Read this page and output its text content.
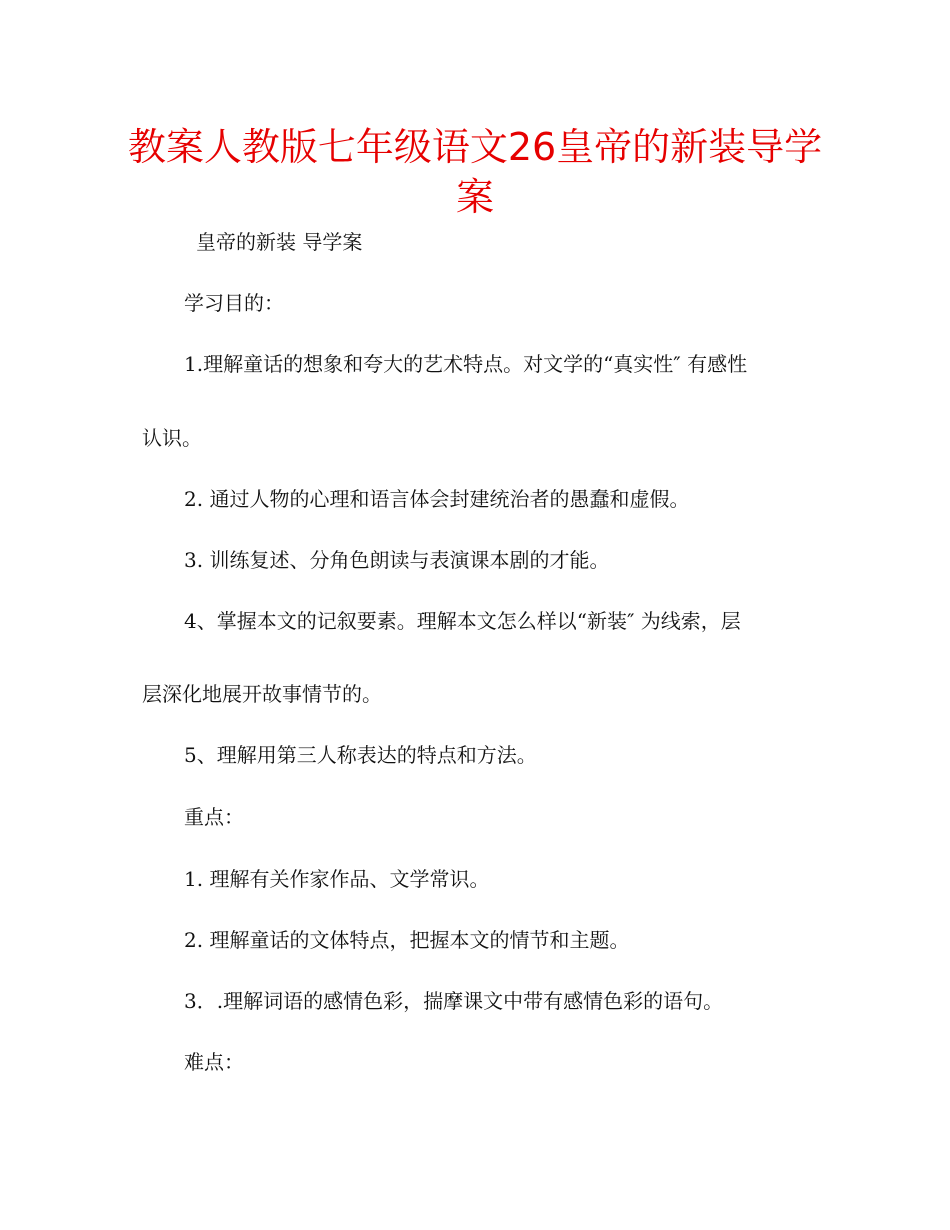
教案人教版七年级语文26皇帝的新装导学
案

皇帝的新装 导学案

学习目的：

1.理解童话的想象和夸大的艺术特点。对文学的“真实性″ 有感性

认识。

2. 通过人物的心理和语言体会封建统治者的愚蠢和虚假。

3. 训练复述、分角色朗读与表演课本剧的才能。

4、掌握本文的记叙要素。理解本文怎么样以“新装″ 为线索，层

层深化地展开故事情节的。

5、理解用第三人称表达的特点和方法。

重点：

1. 理解有关作家作品、文学常识。

2. 理解童话的文体特点，把握本文的情节和主题。

3．.理解词语的感情色彩，揣摩课文中带有感情色彩的语句。

难点：
